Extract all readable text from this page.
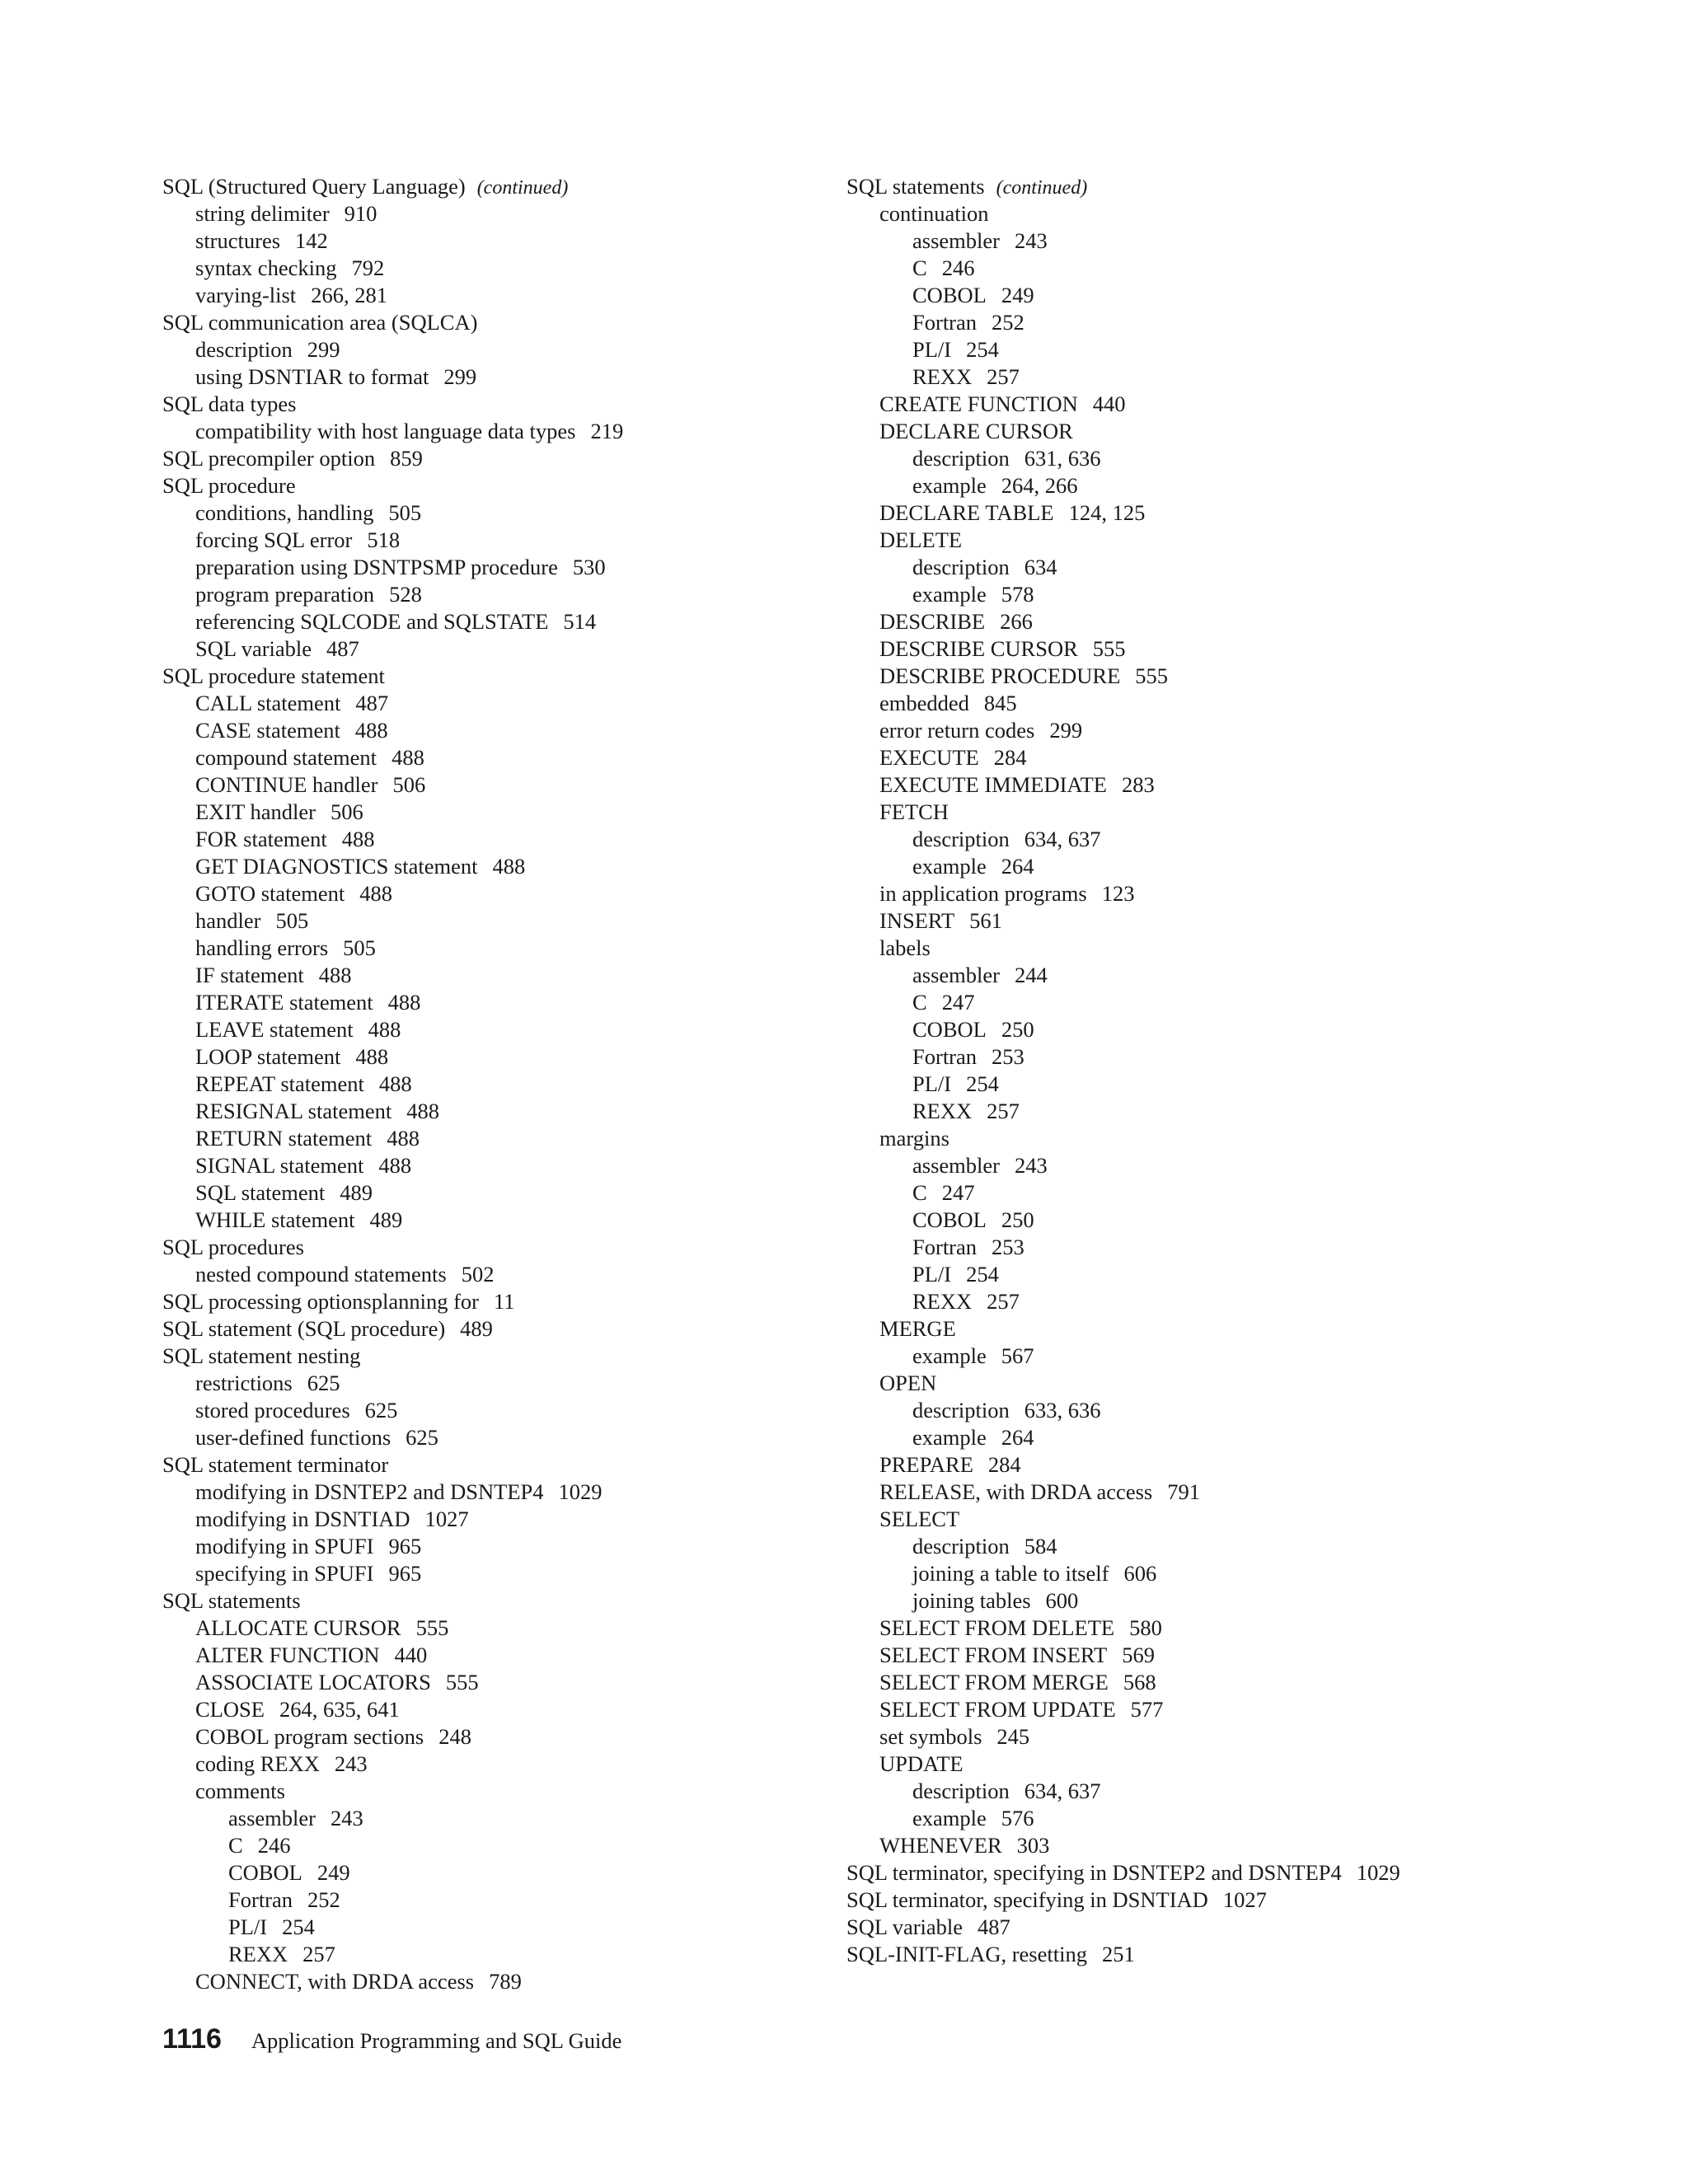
SQL (Structured Query Language) (continued)
string delimiter 910
structures 142
syntax checking 792
varying-list 266, 281
SQL communication area (SQLCA)
description 299
using DSNTIAR to format 299
SQL data types
compatibility with host language data types 219
SQL precompiler option 859
SQL procedure
conditions, handling 505
forcing SQL error 518
preparation using DSNTPSMP procedure 530
program preparation 528
referencing SQLCODE and SQLSTATE 514
SQL variable 487
SQL procedure statement
CALL statement 487
CASE statement 488
compound statement 488
CONTINUE handler 506
EXIT handler 506
FOR statement 488
GET DIAGNOSTICS statement 488
GOTO statement 488
handler 505
handling errors 505
IF statement 488
ITERATE statement 488
LEAVE statement 488
LOOP statement 488
REPEAT statement 488
RESIGNAL statement 488
RETURN statement 488
SIGNAL statement 488
SQL statement 489
WHILE statement 489
SQL procedures
nested compound statements 502
SQL processing optionsplanning for 11
SQL statement (SQL procedure) 489
SQL statement nesting
restrictions 625
stored procedures 625
user-defined functions 625
SQL statement terminator
modifying in DSNTEP2 and DSNTEP4 1029
modifying in DSNTIAD 1027
modifying in SPUFI 965
specifying in SPUFI 965
SQL statements
ALLOCATE CURSOR 555
ALTER FUNCTION 440
ASSOCIATE LOCATORS 555
CLOSE 264, 635, 641
COBOL program sections 248
coding REXX 243
comments
assembler 243
C 246
COBOL 249
Fortran 252
PL/I 254
REXX 257
CONNECT, with DRDA access 789
SQL statements (continued)
continuation
assembler 243
C 246
COBOL 249
Fortran 252
PL/I 254
REXX 257
CREATE FUNCTION 440
DECLARE CURSOR
description 631, 636
example 264, 266
DECLARE TABLE 124, 125
DELETE
description 634
example 578
DESCRIBE 266
DESCRIBE CURSOR 555
DESCRIBE PROCEDURE 555
embedded 845
error return codes 299
EXECUTE 284
EXECUTE IMMEDIATE 283
FETCH
description 634, 637
example 264
in application programs 123
INSERT 561
labels
assembler 244
C 247
COBOL 250
Fortran 253
PL/I 254
REXX 257
margins
assembler 243
C 247
COBOL 250
Fortran 253
PL/I 254
REXX 257
MERGE
example 567
OPEN
description 633, 636
example 264
PREPARE 284
RELEASE, with DRDA access 791
SELECT
description 584
joining a table to itself 606
joining tables 600
SELECT FROM DELETE 580
SELECT FROM INSERT 569
SELECT FROM MERGE 568
SELECT FROM UPDATE 577
set symbols 245
UPDATE
description 634, 637
example 576
WHENEVER 303
SQL terminator, specifying in DSNTEP2 and DSNTEP4 1029
SQL terminator, specifying in DSNTIAD 1027
SQL variable 487
SQL-INIT-FLAG, resetting 251
1116 Application Programming and SQL Guide
